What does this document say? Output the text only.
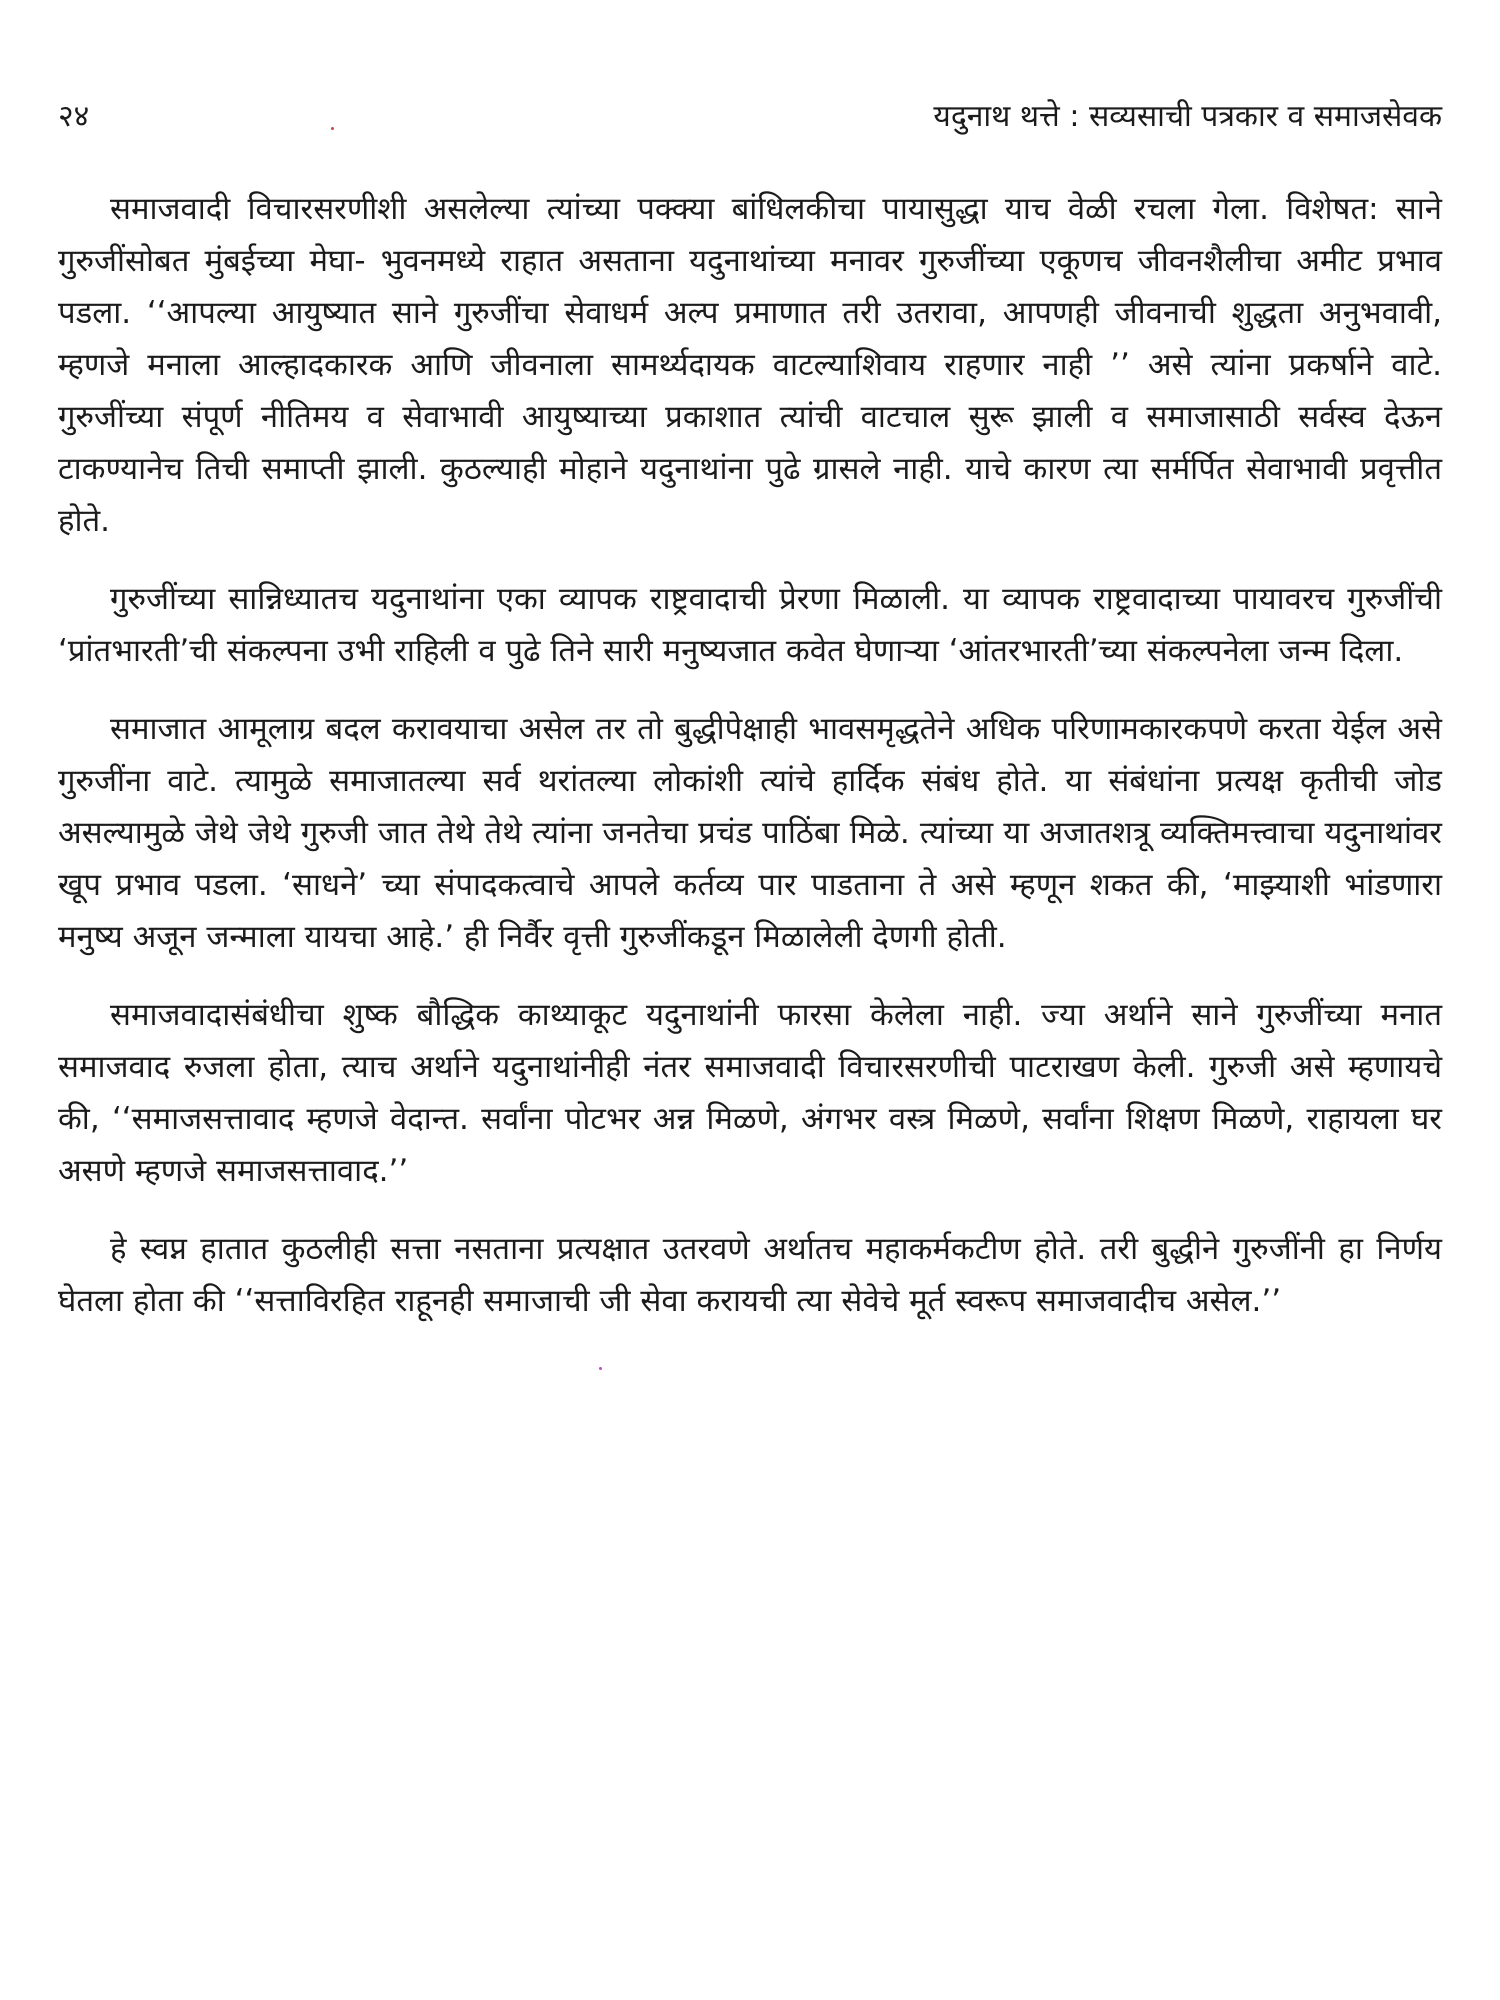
२४	यदुनाथ थत्ते : सव्यसाची पत्रकार व समाजसेवक

समाजवादी विचारसरणीशी असलेल्या त्यांच्या पक्क्या बांधिलकीचा पायासुद्धा याच वेळी रचला गेला. विशेषत: साने गुरुजींसोबत मुंबईच्या मेघा- भुवनमध्ये राहात असताना यदुनाथांच्या मनावर गुरुजींच्या एकूणच जीवनशैलीचा अमीट प्रभाव पडला. ‘‘आपल्या आयुष्यात साने गुरुजींचा सेवाधर्म अल्प प्रमाणात तरी उतरावा, आपणही जीवनाची शुद्धता अनुभवावी, म्हणजे मनाला आल्हादकारक आणि जीवनाला सामर्थ्यदायक वाटल्याशिवाय राहणार नाही ’’ असे त्यांना प्रकर्षाने वाटे. गुरुजींच्या संपूर्ण नीतिमय व सेवाभावी आयुष्याच्या प्रकाशात त्यांची वाटचाल सुरू झाली व समाजासाठी सर्वस्व देऊन टाकण्यानेच तिची समाप्ती झाली. कुठल्याही मोहाने यदुनाथांना पुढे ग्रासले नाही. याचे कारण त्या सर्मर्पित सेवाभावी प्रवृत्तीत होते.

गुरुजींच्या सान्निध्यातच यदुनाथांना एका व्यापक राष्ट्रवादाची प्रेरणा मिळाली. या व्यापक राष्ट्रवादाच्या पायावरच गुरुजींची ‘प्रांतभारती’ची संकल्पना उभी राहिली व पुढे तिने सारी मनुष्यजात कवेत घेणाऱ्या ‘आंतरभारती’च्या संकल्पनेला जन्म दिला.

समाजात आमूलाग्र बदल करावयाचा असेल तर तो बुद्धीपेक्षाही भावसमृद्धतेने अधिक परिणामकारकपणे करता येईल असे गुरुजींना वाटे. त्यामुळे समाजातल्या सर्व थरांतल्या लोकांशी त्यांचे हार्दिक संबंध होते. या संबंधांना प्रत्यक्ष कृतीची जोड असल्यामुळे जेथे जेथे गुरुजी जात तेथे तेथे त्यांना जनतेचा प्रचंड पाठिंबा मिळे. त्यांच्या या अजातशत्रू व्यक्तिमत्त्वाचा यदुनाथांवर खूप प्रभाव पडला. ‘साधने’ च्या संपादकत्वाचे आपले कर्तव्य पार पाडताना ते असे म्हणून शकत की, ‘माझ्याशी भांडणारा मनुष्य अजून जन्माला यायचा आहे.’ ही निर्वैर वृत्ती गुरुजींकडून मिळालेली देणगी होती.

समाजवादासंबंधीचा शुष्क बौद्धिक काथ्याकूट यदुनाथांनी फारसा केलेला नाही. ज्या अर्थाने साने गुरुजींच्या मनात समाजवाद रुजला होता, त्याच अर्थाने यदुनाथांनीही नंतर समाजवादी विचारसरणीची पाटराखण केली. गुरुजी असे म्हणायचे की, ‘‘समाजसत्तावाद म्हणजे वेदान्त. सर्वांना पोटभर अन्न मिळणे, अंगभर वस्त्र मिळणे, सर्वांना शिक्षण मिळणे, राहायला घर असणे म्हणजे समाजसत्तावाद.’’

हे स्वप्न हातात कुठलीही सत्ता नसताना प्रत्यक्षात उतरवणे अर्थातच महाकर्मकटीण होते. तरी बुद्धीने गुरुजींनी हा निर्णय घेतला होता की ‘‘सत्ताविरहित राहूनही समाजाची जी सेवा करायची त्या सेवेचे मूर्त स्वरूप समाजवादीच असेल.’’
